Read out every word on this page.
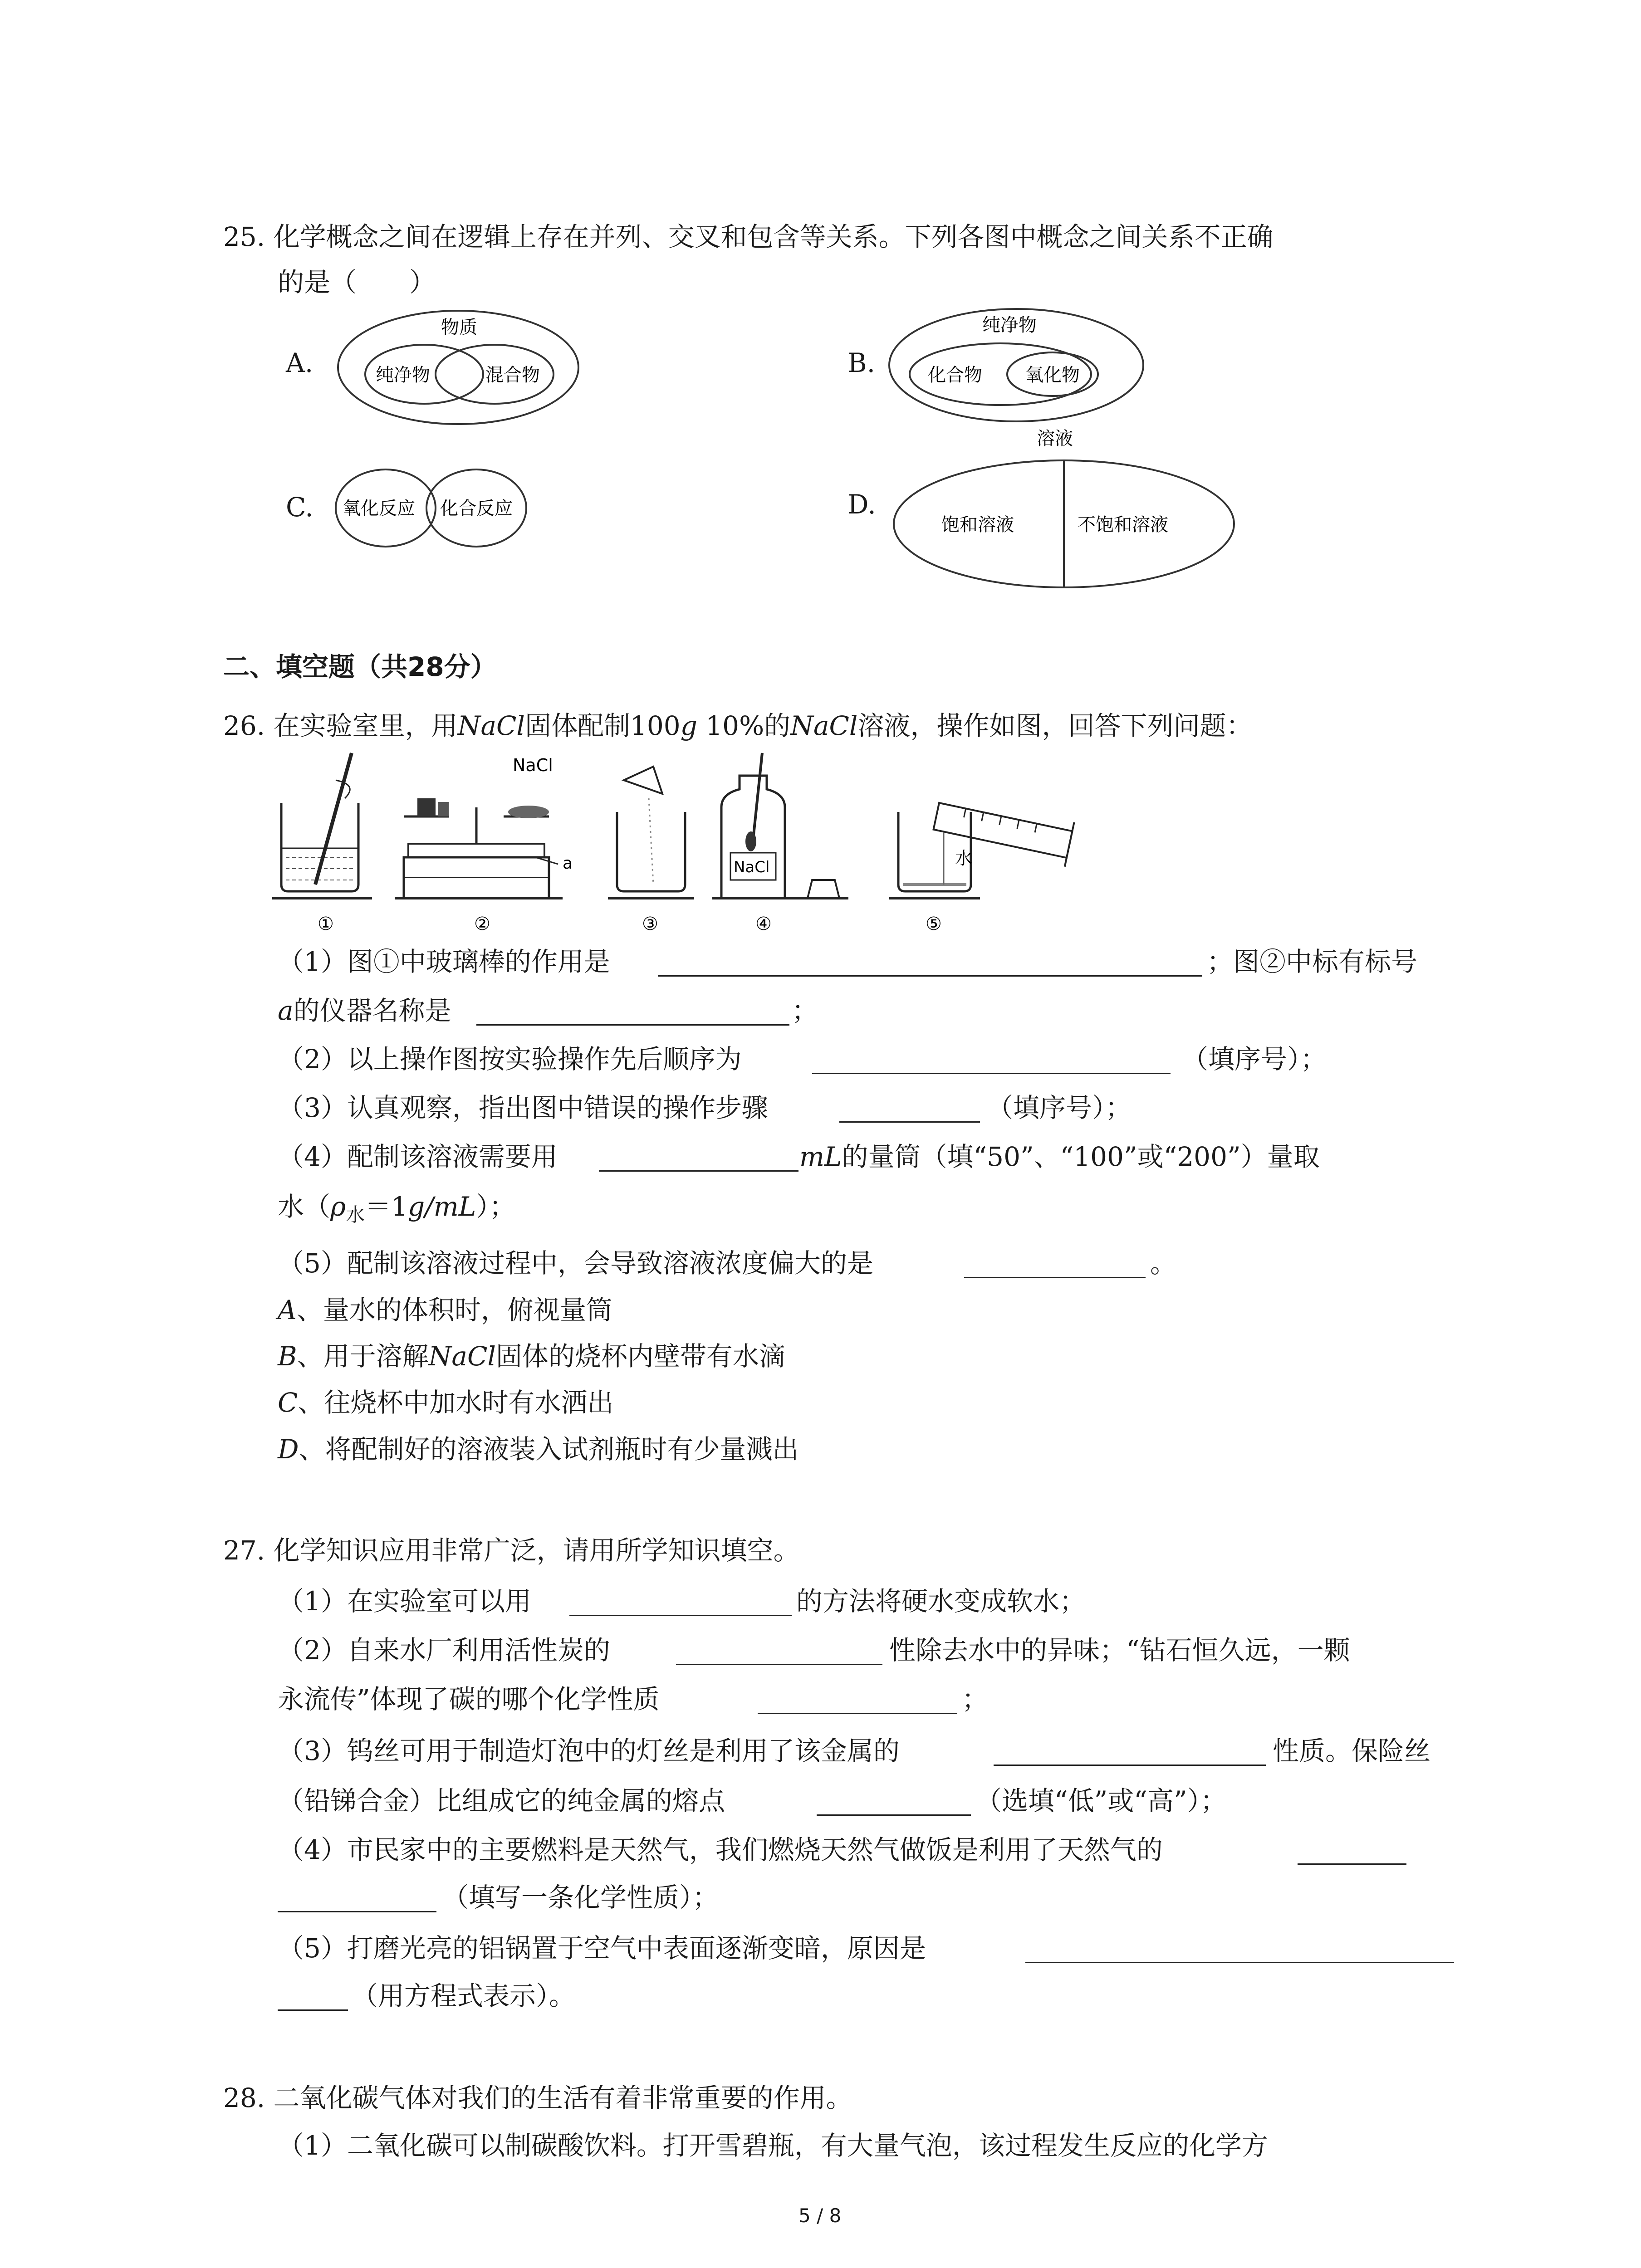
25. 化学概念之间在逻辑上存在并列、交叉和包含等关系。下列各图中概念之间关系不正确
的是（　　）
A.
物质
纯净物	混合物	B.
纯净物
化合物 氧化物
C. 氧化反应 化合反应	D.
溶液
饱和溶液	不饱和溶液
二、填空题（共28分）
26. 在实验室里，用NaCl固体配制100g 10%的NaCl溶液，操作如图，回答下列问题：
NaCl
a	NaCl	水
①	②	③	④	⑤
（1）图①中玻璃棒的作用是	；图②中标有标号
a的仪器名称是	；
（2）以上操作图按实验操作先后顺序为	（填序号）；
（3）认真观察，指出图中错误的操作步骤	（填序号）；
（4）配制该溶液需要用	mL的量筒（填“50”、“100”或“200”）量取
水$(\rho_水=1g/mL)$；
（5）配制该溶液过程中，会导致溶液浓度偏大的是	。
A、量水的体积时，俯视量筒
B、用于溶解NaCl固体的烧杯内壁带有水滴
C、往烧杯中加水时有水洒出
D、将配制好的溶液装入试剂瓶时有少量溅出
27. 化学知识应用非常广泛，请用所学知识填空。
（1）在实验室可以用	的方法将硬水变成软水；
（2）自来水厂利用活性炭的	性除去水中的异味；“钻石恒久远，一颗
永流传”体现了碳的哪个化学性质	；
（3）钨丝可用于制造灯泡中的灯丝是利用了该金属的	性质。保险丝
（铅锑合金）比组成它的纯金属的熔点	（选填“低”或“高”）；
（4）市民家中的主要燃料是天然气，我们燃烧天然气做饭是利用了天然气的
（填写一条化学性质）；
（5）打磨光亮的铝锅置于空气中表面逐渐变暗，原因是
（用方程式表示）。
28. 二氧化碳气体对我们的生活有着非常重要的作用。
（1）二氧化碳可以制碳酸饮料。打开雪碧瓶，有大量气泡，该过程发生反应的化学方
5 / 8
